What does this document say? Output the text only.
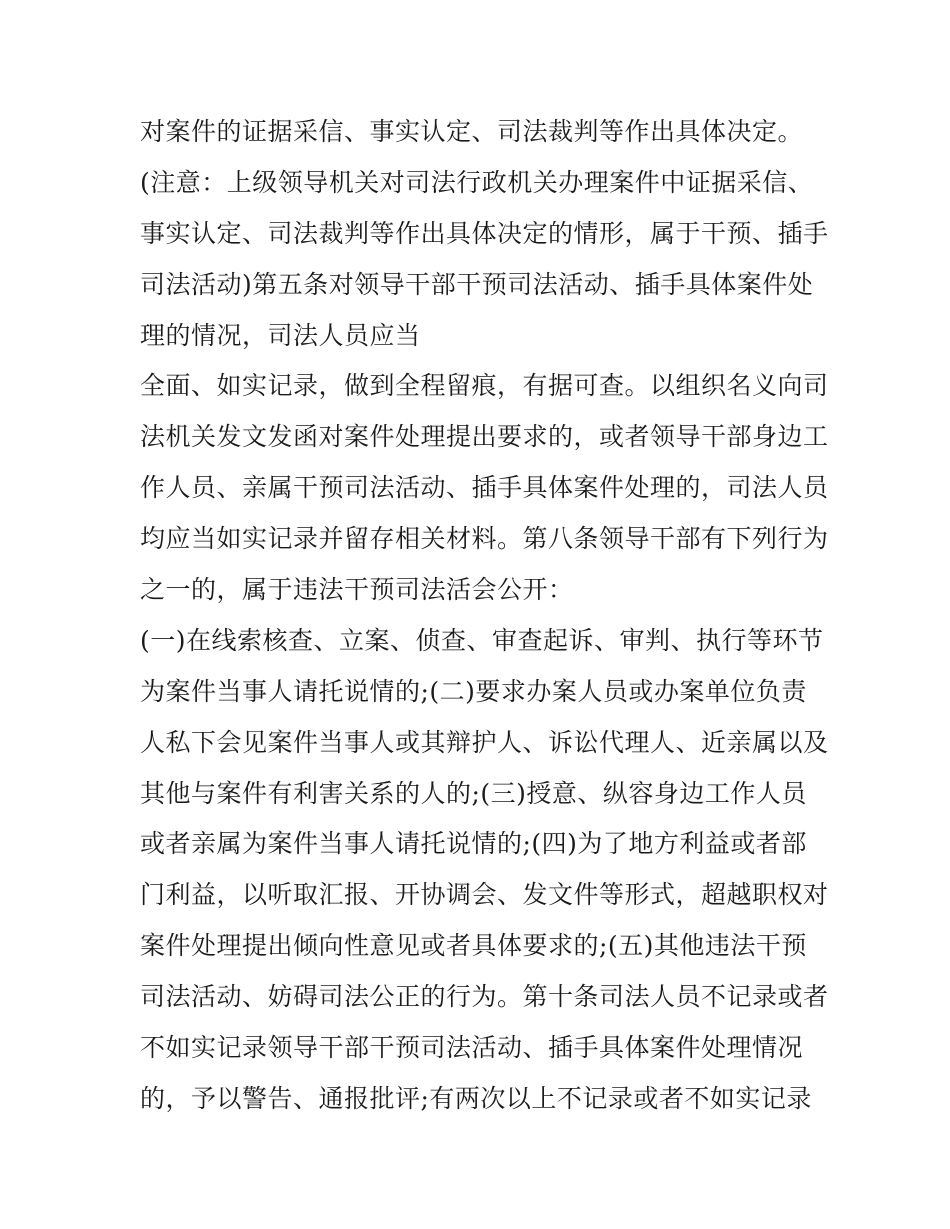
对案件的证据采信、事实认定、司法裁判等作出具体决定。
(注意：上级领导机关对司法行政机关办理案件中证据采信、
事实认定、司法裁判等作出具体决定的情形，属于干预、插手
司法活动)第五条对领导干部干预司法活动、插手具体案件处
理的情况，司法人员应当
全面、如实记录，做到全程留痕，有据可查。以组织名义向司
法机关发文发函对案件处理提出要求的，或者领导干部身边工
作人员、亲属干预司法活动、插手具体案件处理的，司法人员
均应当如实记录并留存相关材料。第八条领导干部有下列行为
之一的，属于违法干预司法活会公开：
(一)在线索核查、立案、侦查、审查起诉、审判、执行等环节
为案件当事人请托说情的;(二)要求办案人员或办案单位负责
人私下会见案件当事人或其辩护人、诉讼代理人、近亲属以及
其他与案件有利害关系的人的;(三)授意、纵容身边工作人员
或者亲属为案件当事人请托说情的;(四)为了地方利益或者部
门利益，以听取汇报、开协调会、发文件等形式，超越职权对
案件处理提出倾向性意见或者具体要求的;(五)其他违法干预
司法活动、妨碍司法公正的行为。第十条司法人员不记录或者
不如实记录领导干部干预司法活动、插手具体案件处理情况
的，予以警告、通报批评;有两次以上不记录或者不如实记录
